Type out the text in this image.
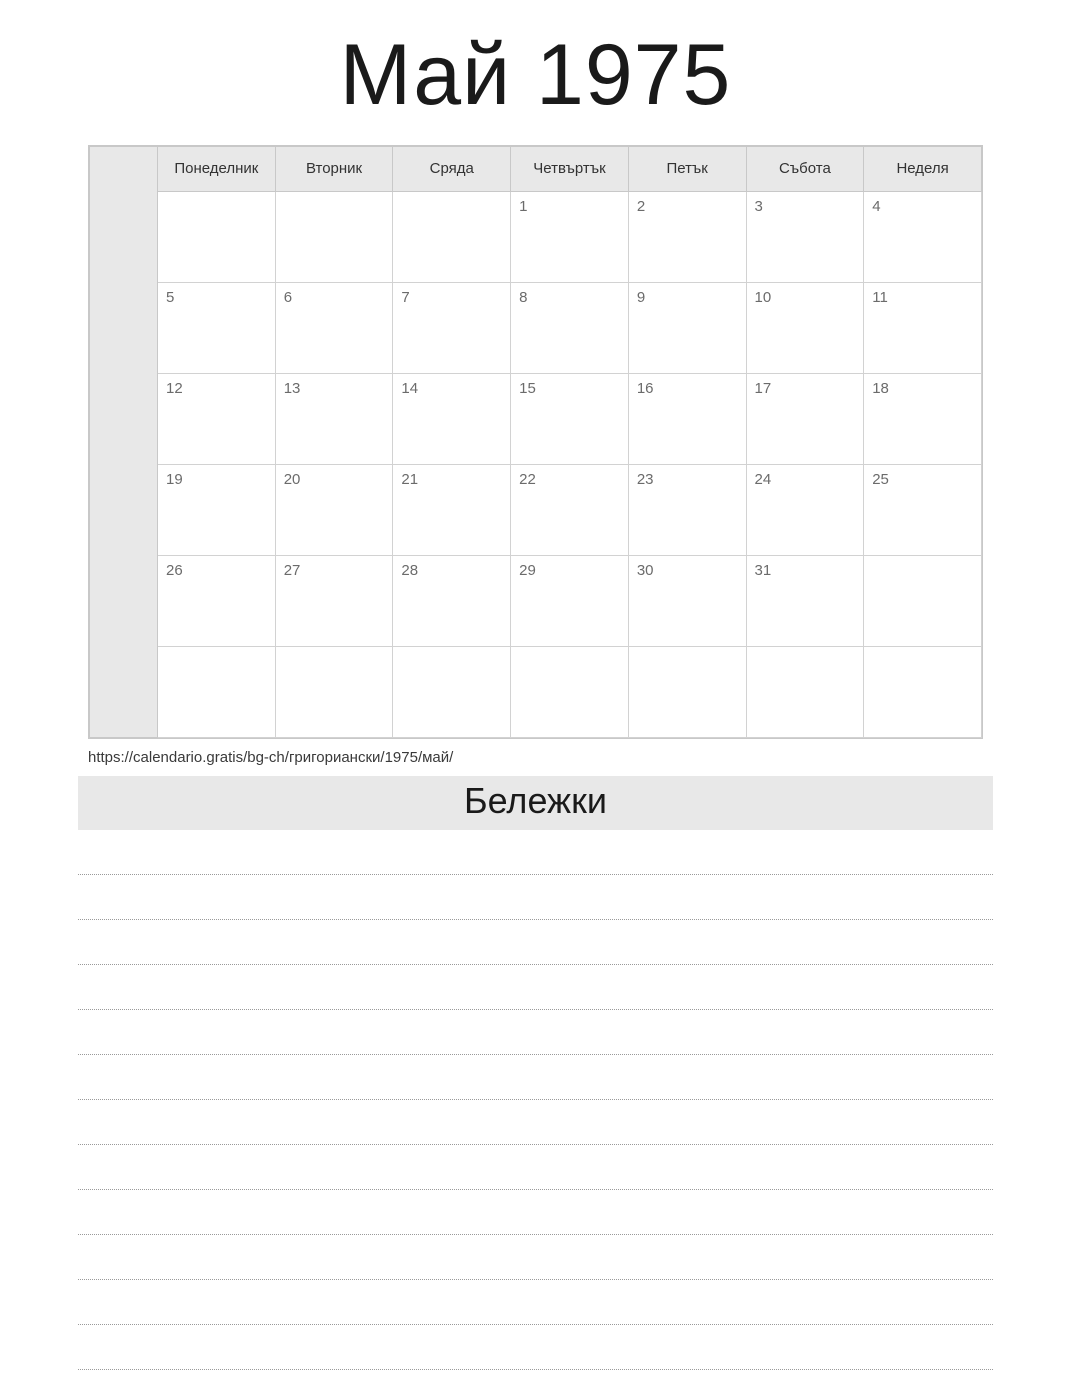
Май 1975
	Понеделник	Вторник	Сряда	Четвъртък	Петък	Събота	Неделя
				1	2	3	4
	5	6	7	8	9	10	11
	12	13	14	15	16	17	18
	19	20	21	22	23	24	25
	26	27	28	29	30	31	

https://calendario.gratis/bg-ch/григориански/1975/май/
Бележки
